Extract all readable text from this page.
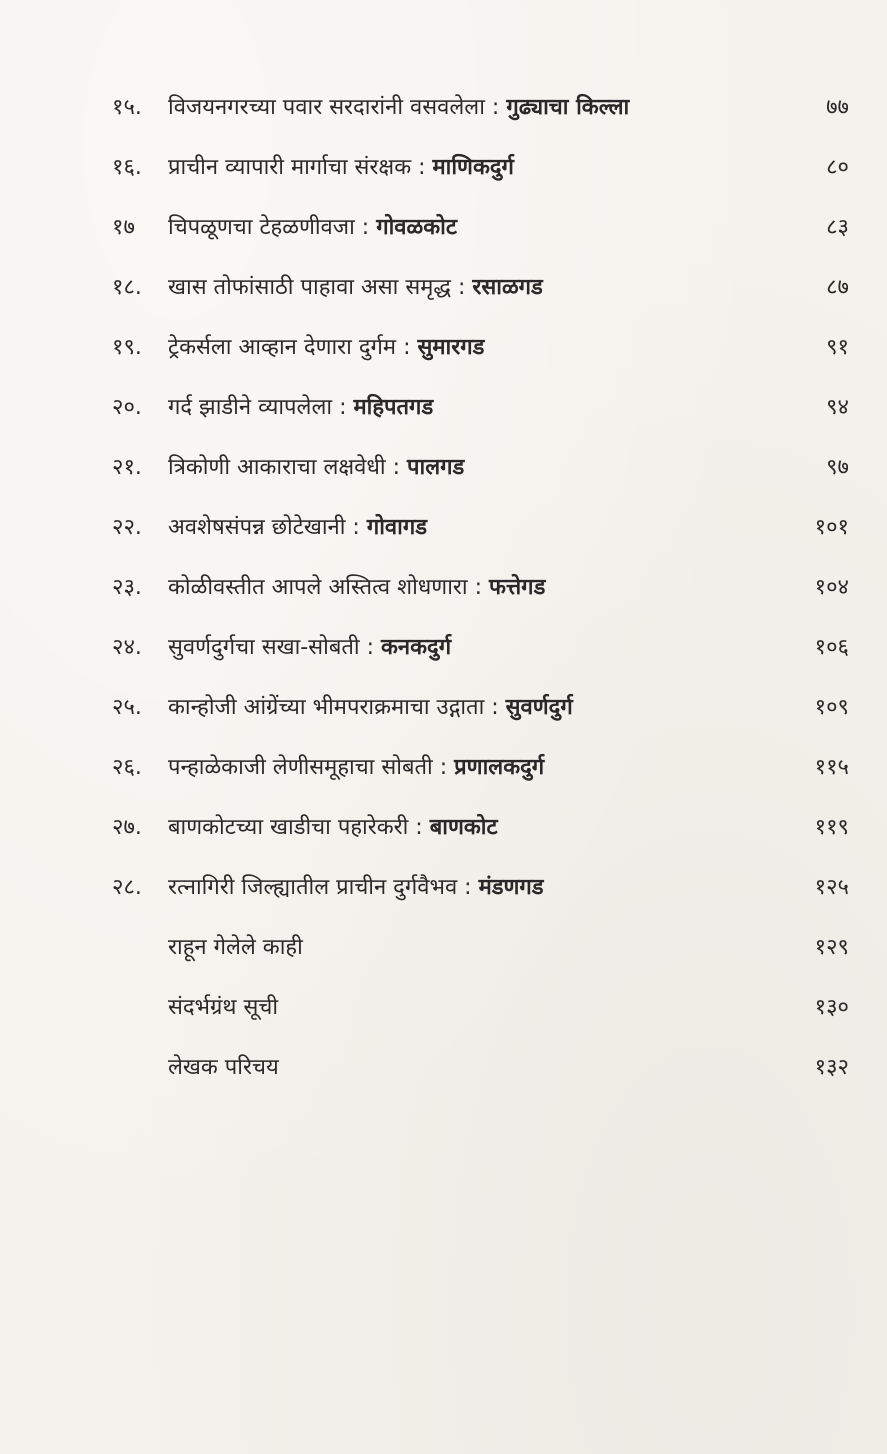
१५.	विजयनगरच्या पवार सरदारांनी वसवलेला : गुढ्याचा किल्ला	७७
१६.	प्राचीन व्यापारी मार्गाचा संरक्षक : माणिकदुर्ग	८०
१७	चिपळूणचा टेहळणीवजा : गोवळकोट	८३
१८.	खास तोफांसाठी पाहावा असा समृद्ध : रसाळगड	८७
१९.	ट्रेकर्सला आव्हान देणारा दुर्गम : सुमारगड	९१
२०.	गर्द झाडीने व्यापलेला : महिपतगड	९४
२१.	त्रिकोणी आकाराचा लक्षवेधी : पालगड	९७
२२.	अवशेषसंपन्न छोटेखानी : गोवागड	१०१
२३.	कोळीवस्तीत आपले अस्तित्व शोधणारा : फत्तेगड	१०४
२४.	सुवर्णदुर्गचा सखा-सोबती : कनकदुर्ग	१०६
२५.	कान्होजी आंग्रेंच्या भीमपराक्रमाचा उद्गाता : सुवर्णदुर्ग	१०९
२६.	पन्हाळेकाजी लेणीसमूहाचा सोबती : प्रणालकदुर्ग	११५
२७.	बाणकोटच्या खाडीचा पहारेकरी : बाणकोट	११९
२८.	रत्नागिरी जिल्ह्यातील प्राचीन दुर्गवैभव : मंडणगड	१२५
राहून गेलेले काही	१२९
संदर्भग्रंथ सूची	१३०
लेखक परिचय	१३२
